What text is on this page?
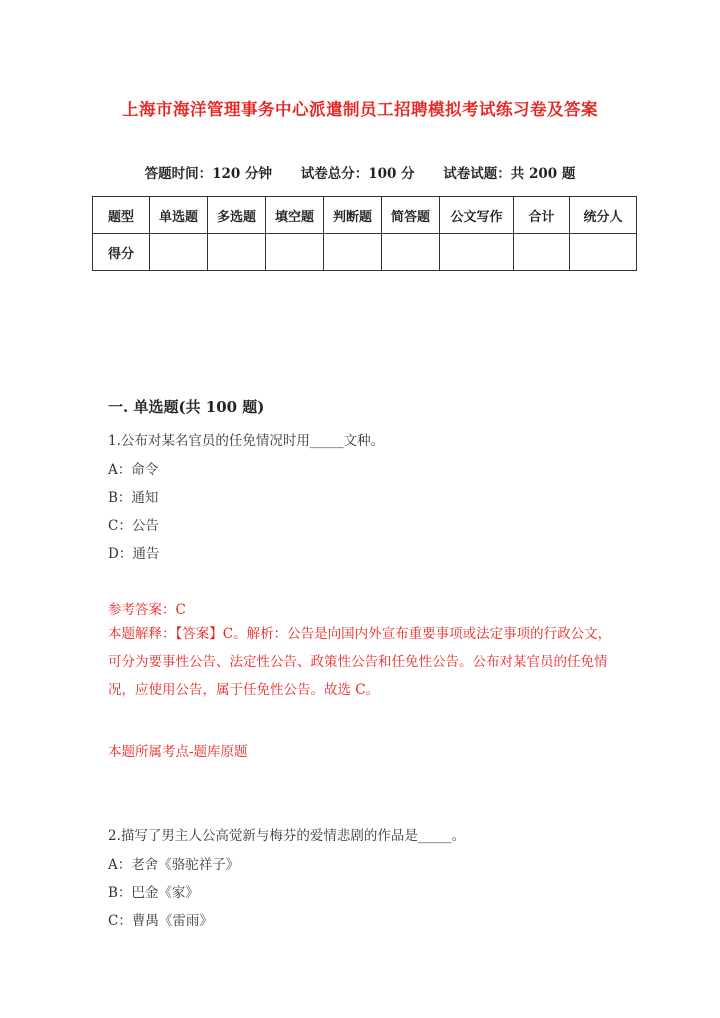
上海市海洋管理事务中心派遣制员工招聘模拟考试练习卷及答案
答题时间：120 分钟 试卷总分：100 分 试卷试题：共 200 题
题型	单选题	多选题	填空题	判断题	简答题	公文写作	合计	统分人
得分								
一. 单选题(共 100 题)
1.公布对某名官员的任免情况时用_____文种。
A：命令
B：通知
C：公告
D：通告
参考答案：C
本题解释：【答案】C。解析：公告是向国内外宣布重要事项或法定事项的行政公文，可分为要事性公告、法定性公告、政策性公告和任免性公告。公布对某官员的任免情况，应使用公告，属于任免性公告。故选 C。
本题所属考点-题库原题
2.描写了男主人公高觉新与梅芬的爱情悲剧的作品是_____。
A：老舍《骆驼祥子》
B：巴金《家》
C：曹禺《雷雨》
